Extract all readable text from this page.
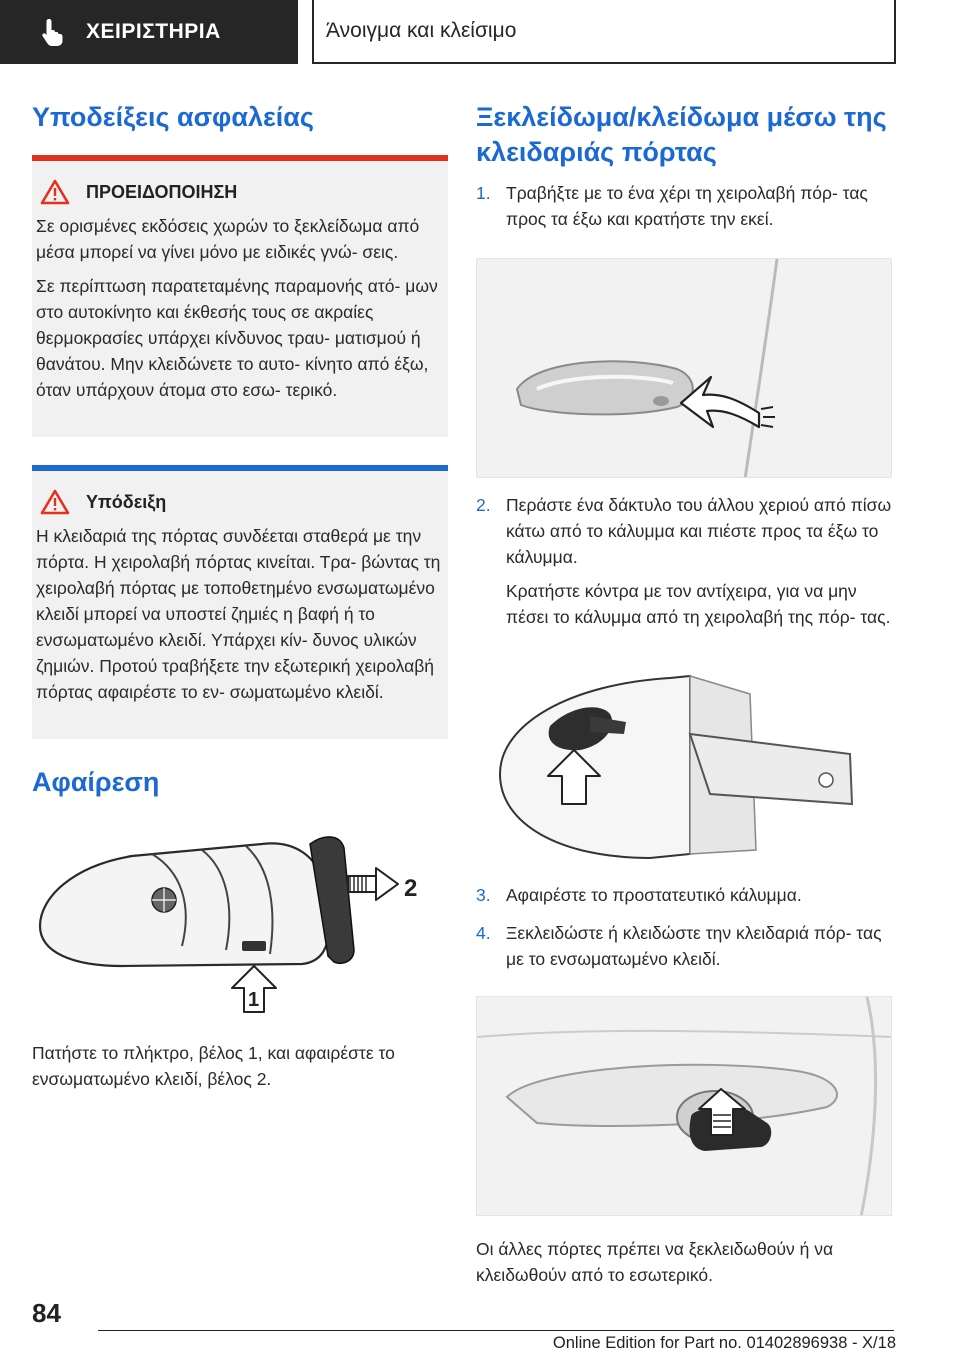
ΧΕΙΡΙΣΤΗΡΙΑ	Άνοιγμα και κλείσιμο
Υποδείξεις ασφαλείας
ΠΡΟΕΙΔΟΠΟΙΗΣΗ

Σε ορισμένες εκδόσεις χωρών το ξεκλείδωμα από μέσα μπορεί να γίνει μόνο με ειδικές γνώ- σεις.

Σε περίπτωση παρατεταμένης παραμονής ατό- μων στο αυτοκίνητο και έκθεσής τους σε ακραίες θερμοκρασίες υπάρχει κίνδυνος τραυ- ματισμού ή θανάτου. Μην κλειδώνετε το αυτο- κίνητο από έξω, όταν υπάρχουν άτομα στο εσω- τερικό.

Υπόδειξη

Η κλειδαριά της πόρτας συνδέεται σταθερά με την πόρτα. Η χειρολαβή πόρτας κινείται. Τρα- βώντας τη χειρολαβή πόρτας με τοποθετημένο ενσωματωμένο κλειδί μπορεί να υποστεί ζημιές η βαφή ή το ενσωματωμένο κλειδί. Υπάρχει κίν- δυνος υλικών ζημιών. Προτού τραβήξετε την εξωτερική χειρολαβή πόρτας αφαιρέστε το εν- σωματωμένο κλειδί.

Αφαίρεση
2
1

Πατήστε το πλήκτρο, βέλος 1, και αφαιρέστε το ενσωματωμένο κλειδί, βέλος 2.

Ξεκλείδωμα/κλείδωμα μέσω της κλειδαριάς πόρτας
1. Τραβήξτε με το ένα χέρι τη χειρολαβή πόρ- τας προς τα έξω και κρατήστε την εκεί.

2. Περάστε ένα δάκτυλο του άλλου χεριού από πίσω κάτω από το κάλυμμα και πιέστε προς τα έξω το κάλυμμα.

Κρατήστε κόντρα με τον αντίχειρα, για να μην πέσει το κάλυμμα από τη χειρολαβή της πόρ- τας.

3. Αφαιρέστε το προστατευτικό κάλυμμα.

4. Ξεκλειδώστε ή κλειδώστε την κλειδαριά πόρ- τας με το ενσωματωμένο κλειδί.

Οι άλλες πόρτες πρέπει να ξεκλειδωθούν ή να κλειδωθούν από το εσωτερικό.

84
Online Edition for Part no. 01402896938 - X/18
